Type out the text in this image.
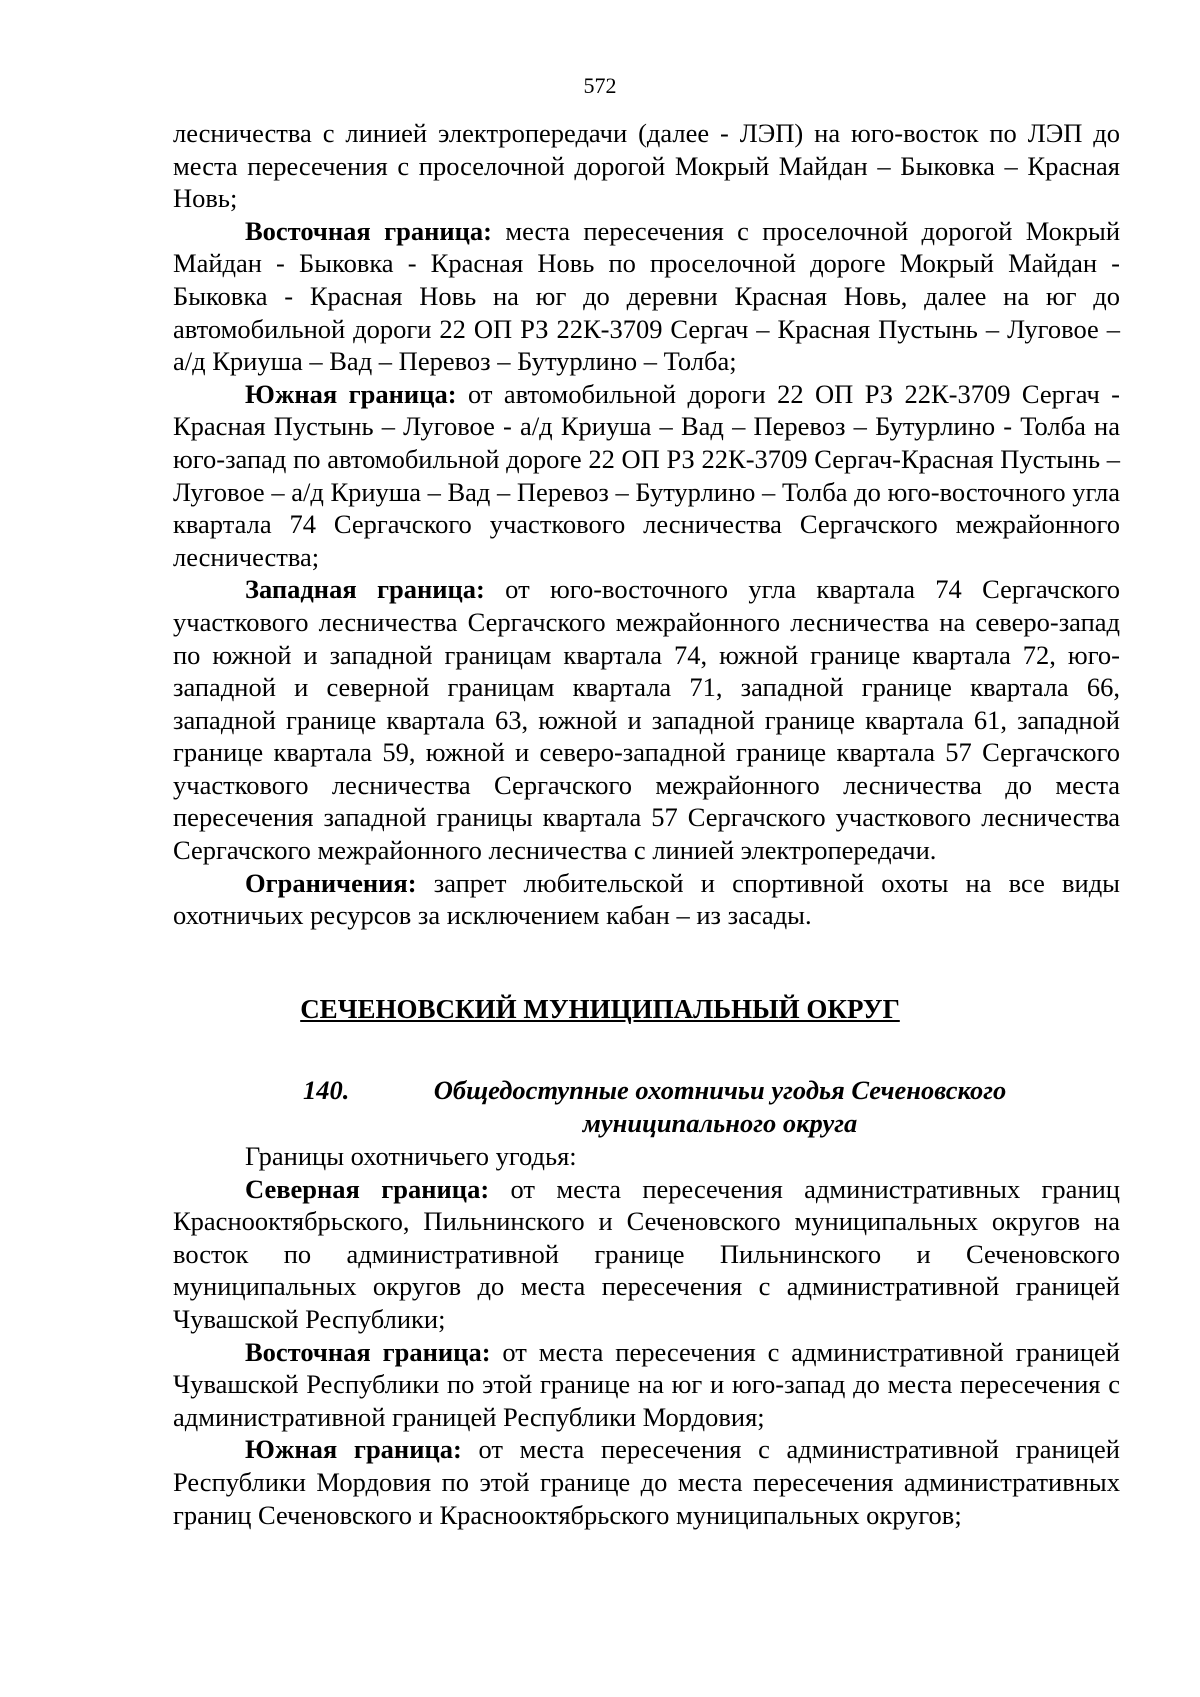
572

лесничества с линией электропередачи (далее - ЛЭП) на юго-восток по ЛЭП до места пересечения с проселочной дорогой Мокрый Майдан – Быковка – Красная Новь;

Восточная граница: места пересечения с проселочной дорогой Мокрый Майдан - Быковка - Красная Новь по проселочной дороге Мокрый Майдан - Быковка - Красная Новь на юг до деревни Красная Новь, далее на юг до автомобильной дороги 22 ОП РЗ 22К-3709 Сергач – Красная Пустынь – Луговое – а/д Криуша – Вад – Перевоз – Бутурлино – Толба;

Южная граница: от автомобильной дороги 22 ОП РЗ 22К-3709 Сергач - Красная Пустынь – Луговое - а/д Криуша – Вад – Перевоз – Бутурлино - Толба на юго-запад по автомобильной дороге 22 ОП РЗ 22К-3709 Сергач-Красная Пустынь – Луговое – а/д Криуша – Вад – Перевоз – Бутурлино – Толба до юго-восточного угла квартала 74 Сергачского участкового лесничества Сергачского межрайонного лесничества;

Западная граница: от юго-восточного угла квартала 74 Сергачского участкового лесничества Сергачского межрайонного лесничества на северо-запад по южной и западной границам квартала 74, южной границе квартала 72, юго-западной и северной границам квартала 71, западной границе квартала 66, западной границе квартала 63, южной и западной границе квартала 61, западной границе квартала 59, южной и северо-западной границе квартала 57 Сергачского участкового лесничества Сергачского межрайонного лесничества до места пересечения западной границы квартала 57 Сергачского участкового лесничества Сергачского межрайонного лесничества с линией электропередачи.

Ограничения: запрет любительской и спортивной охоты на все виды охотничьих ресурсов за исключением кабан – из засады.

СЕЧЕНОВСКИЙ МУНИЦИПАЛЬНЫЙ ОКРУГ
140.	Общедоступные охотничьи угодья Сеченовского
муниципального округа

Границы охотничьего угодья:

Северная граница: от места пересечения административных границ Краснооктябрьского, Пильнинского и Сеченовского муниципальных округов на восток по административной границе Пильнинского и Сеченовского муниципальных округов до места пересечения с административной границей Чувашской Республики;

Восточная граница: от места пересечения с административной границей Чувашской Республики по этой границе на юг и юго-запад до места пересечения с административной границей Республики Мордовия;

Южная граница: от места пересечения с административной границей Республики Мордовия по этой границе до места пересечения административных границ Сеченовского и Краснооктябрьского муниципальных округов;
